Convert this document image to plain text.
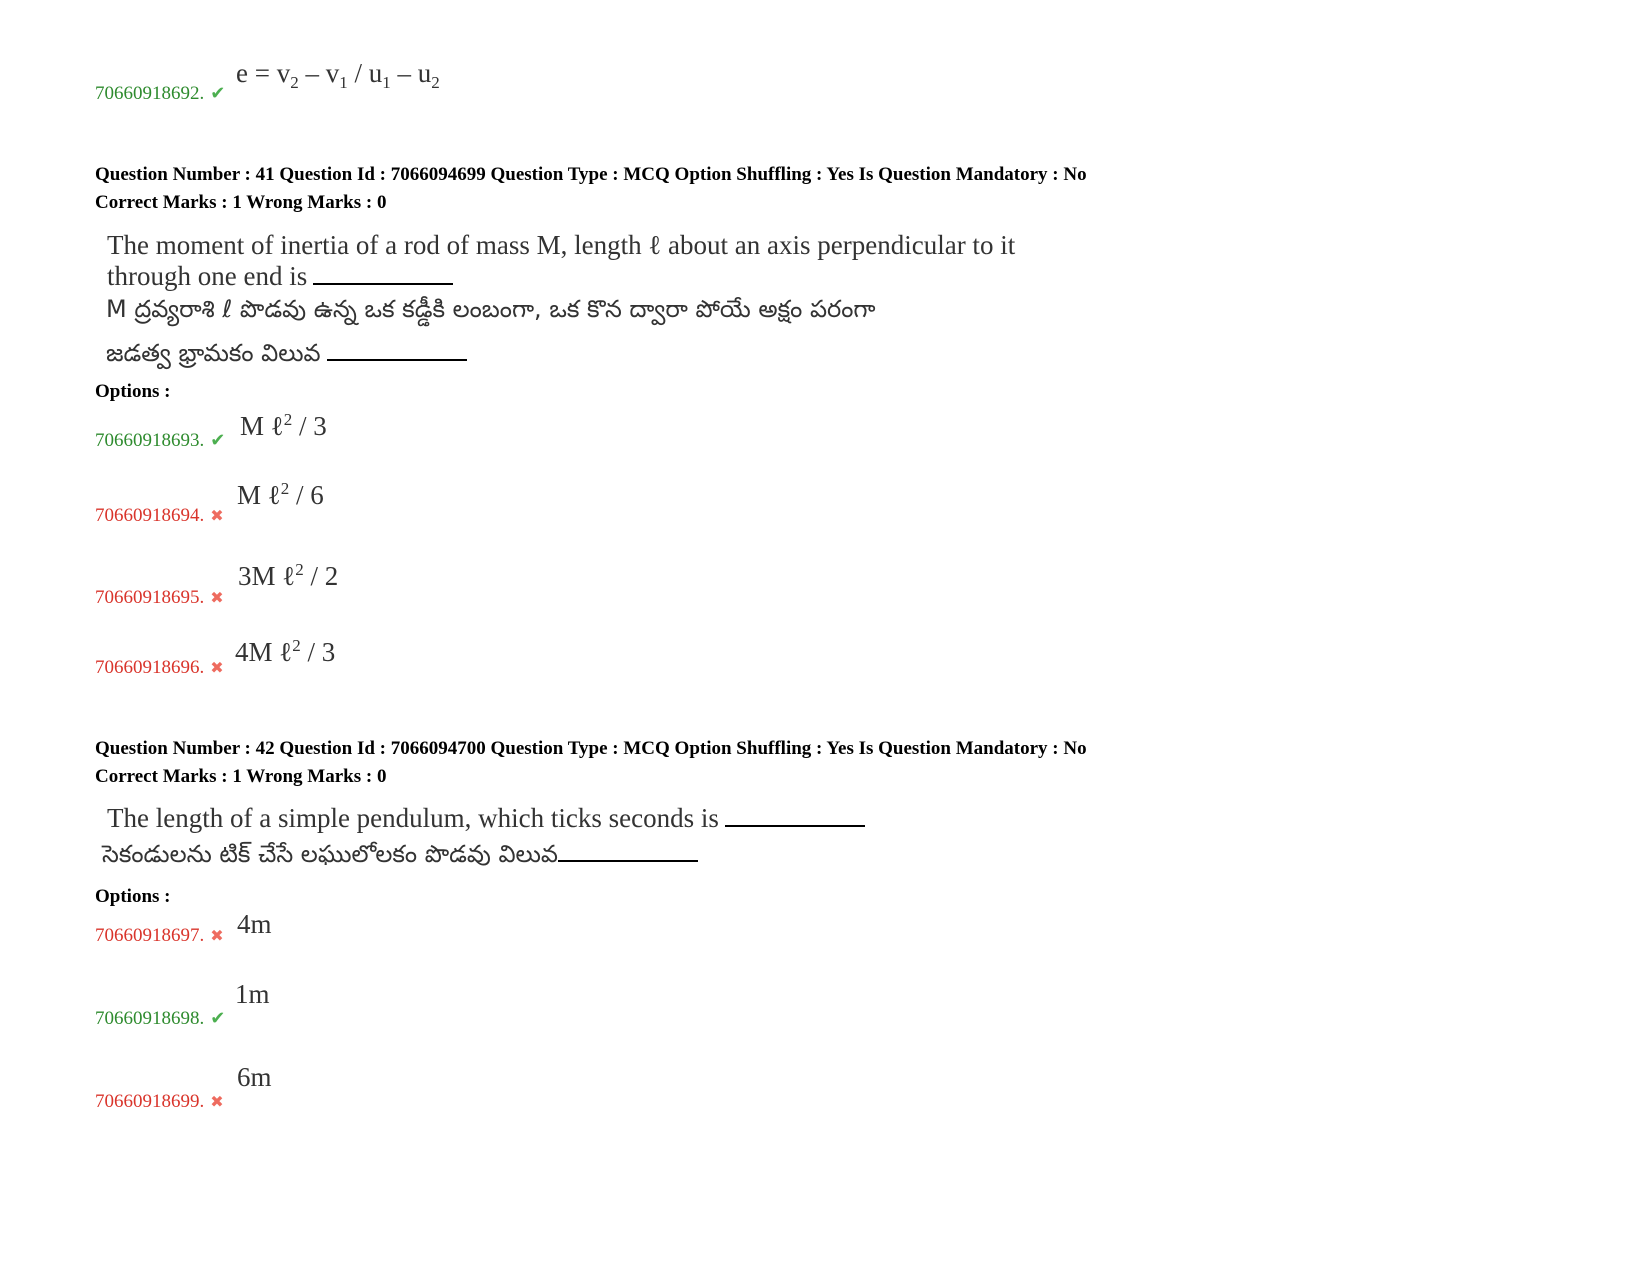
70660918692. ✔
$e = v_2 - v_1 / u_1 - u_2$
Question Number : 41 Question Id : 7066094699 Question Type : MCQ Option Shuffling : Yes Is Question Mandatory : No
Correct Marks : 1 Wrong Marks : 0
The moment of inertia of a rod of mass M, length ℓ about an axis perpendicular to it
through one end is
M ద్రవ్యరాశి ℓ పొడవు ఉన్న ఒక కడ్డీకి లంబంగా, ఒక కొన ద్వారా పోయే అక్షం పరంగా
జడత్వ భ్రామకం విలువ
Options :
70660918693. ✔ M ℓ$^2$ / 3
70660918694. ✖
M ℓ$^2$ / 6
70660918695. ✖
3M ℓ$^2$ / 2
70660918696. ✖
4M ℓ$^2$ / 3
Question Number : 42 Question Id : 7066094700 Question Type : MCQ Option Shuffling : Yes Is Question Mandatory : No
Correct Marks : 1 Wrong Marks : 0
The length of a simple pendulum, which ticks seconds is
సెకండులను టిక్ చేసే లఘులోలకం పొడవు విలువ
Options :
70660918697. ✖ 4m
70660918698. ✔
1m
70660918699. ✖
6m
